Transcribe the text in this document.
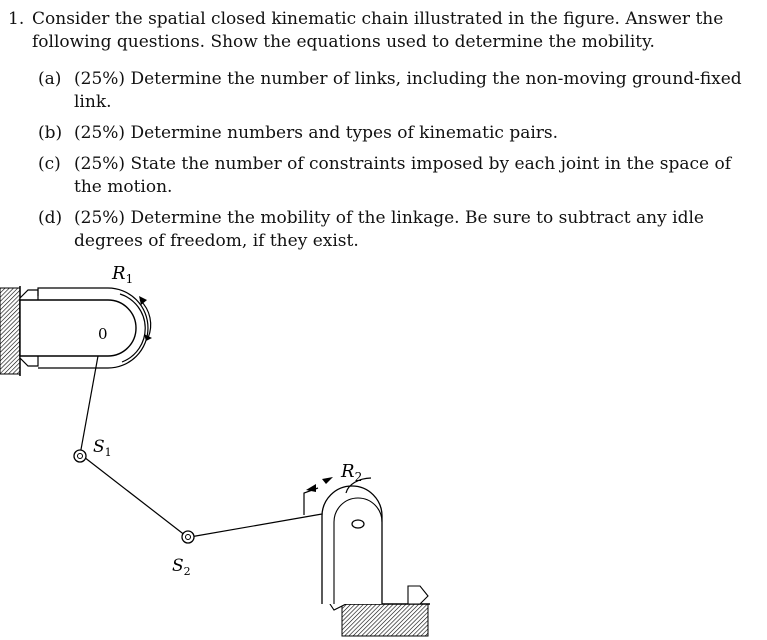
1. Consider the spatial closed kinematic chain illustrated in the figure. Answer the following questions. Show the equations used to determine the mobility.
(a) (25%) Determine the number of links, including the non-moving ground-fixed link.
(b) (25%) Determine numbers and types of kinematic pairs.
(c) (25%) State the number of constraints imposed by each joint in the space of the motion.
(d) (25%) Determine the mobility of the linkage. Be sure to subtract any idle degrees of freedom, if they exist.
0
$R_1$
$S_1$
$S_2$
$R_2$
